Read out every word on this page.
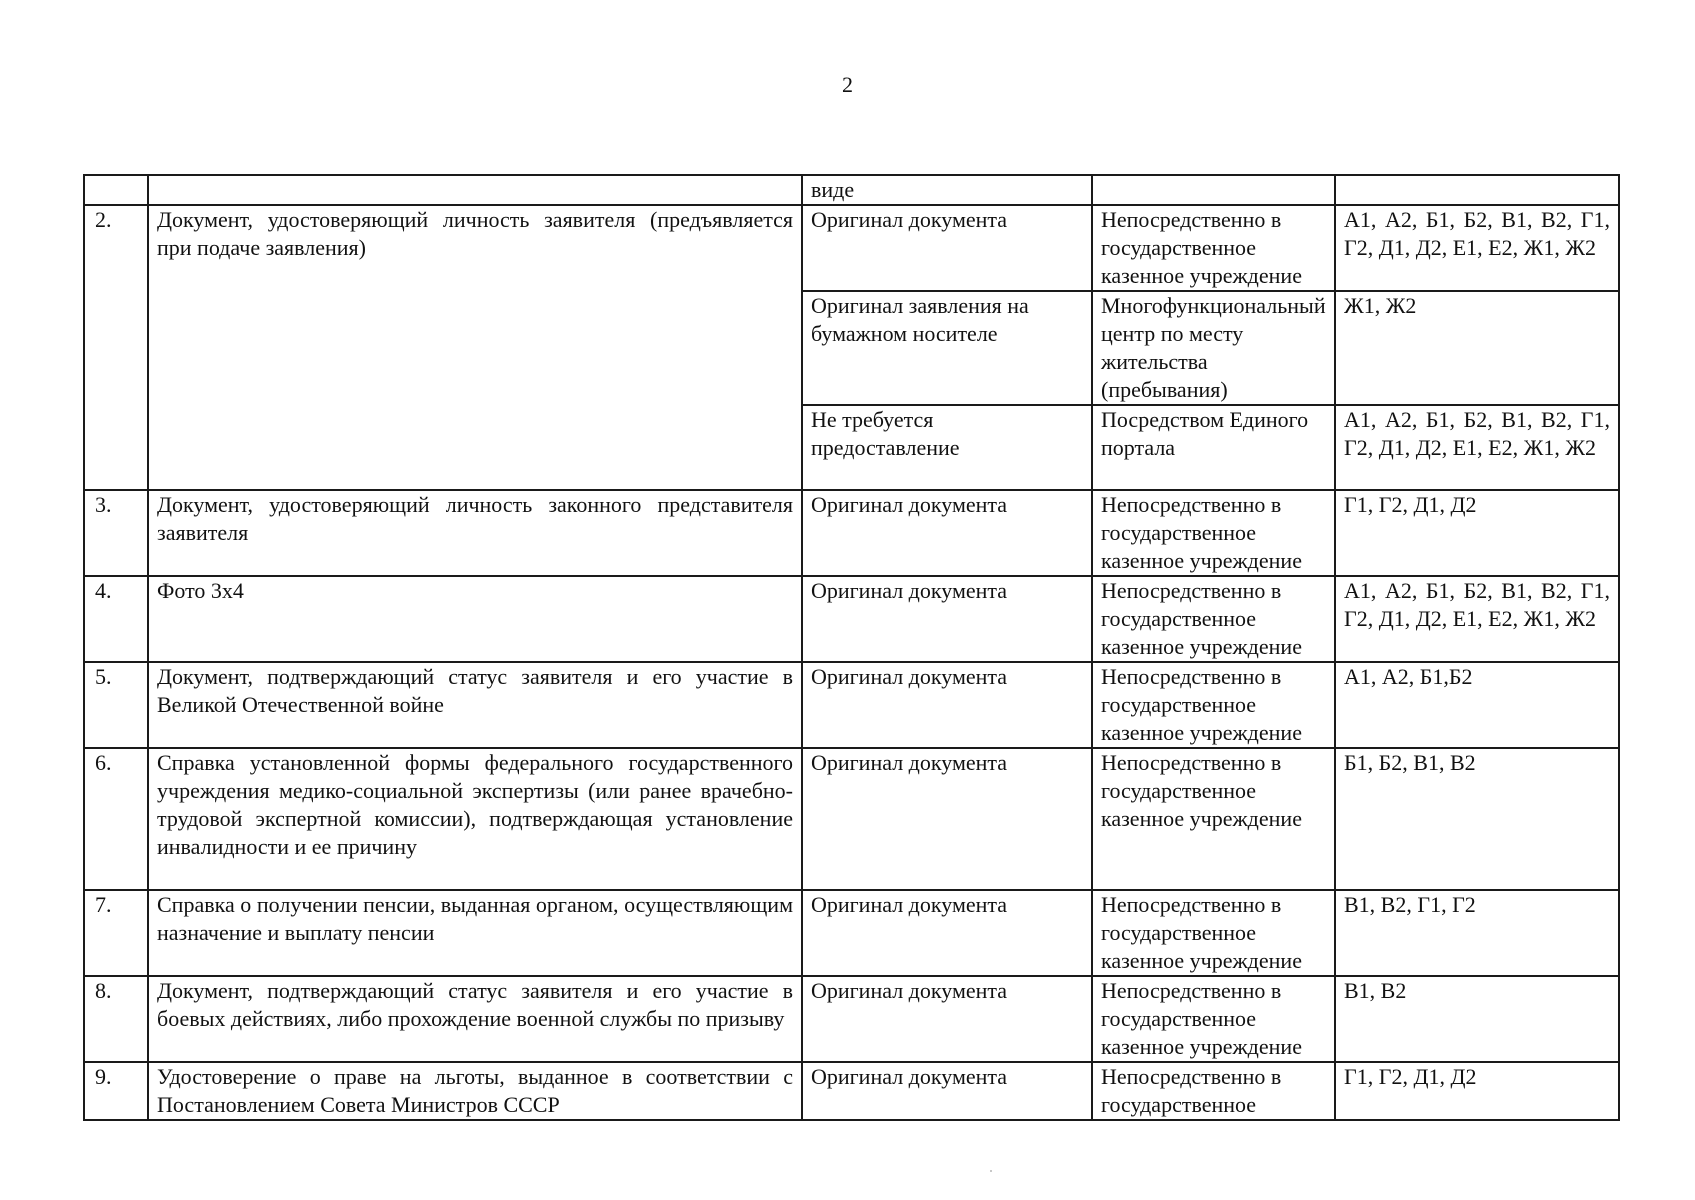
2
		виде		
2.	Документ, удостоверяющий личность заявителя (предъявляется при подаче заявления)	Оригинал документа	Непосредственно в государственное казенное учреждение	А1, А2, Б1, Б2, В1, В2, Г1, Г2, Д1, Д2, Е1, Е2, Ж1, Ж2
		Оригинал заявления на бумажном носителе	Многофункциональный центр по месту жительства (пребывания)	Ж1, Ж2
		Не требуется предоставление	Посредством Единого портала	А1, А2, Б1, Б2, В1, В2, Г1, Г2, Д1, Д2, Е1, Е2, Ж1, Ж2
3.	Документ, удостоверяющий личность законного представителя заявителя	Оригинал документа	Непосредственно в государственное казенное учреждение	Г1, Г2, Д1, Д2
4.	Фото 3х4	Оригинал документа	Непосредственно в государственное казенное учреждение	А1, А2, Б1, Б2, В1, В2, Г1, Г2, Д1, Д2, Е1, Е2, Ж1, Ж2
5.	Документ, подтверждающий статус заявителя и его участие в Великой Отечественной войне	Оригинал документа	Непосредственно в государственное казенное учреждение	А1, А2, Б1,Б2
6.	Справка установленной формы федерального государственного учреждения медико-социальной экспертизы (или ранее врачебно-трудовой экспертной комиссии), подтверждающая установление инвалидности и ее причину	Оригинал документа	Непосредственно в государственное казенное учреждение	Б1, Б2, В1, В2
7.	Справка о получении пенсии, выданная органом, осуществляющим назначение и выплату пенсии	Оригинал документа	Непосредственно в государственное казенное учреждение	В1, В2, Г1, Г2
8.	Документ, подтверждающий статус заявителя и его участие в боевых действиях, либо прохождение военной службы по призыву	Оригинал документа	Непосредственно в государственное казенное учреждение	В1, В2
9.	Удостоверение о праве на льготы, выданное в соответствии с Постановлением Совета Министров СССР	Оригинал документа	Непосредственно в государственное	Г1, Г2, Д1, Д2
